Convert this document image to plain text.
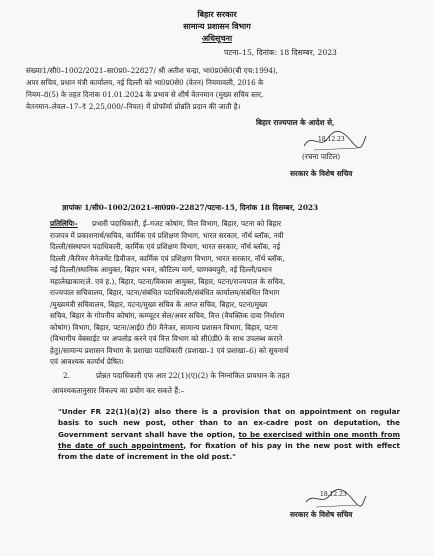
बिहार सरकार
सामान्य प्रशासन विभाग
अधिसूचना
पटना–15, दिनांक: 18 दिसम्बर, 2023
संख्याः1/सी0–1002/2021–सा0प्र0–22827/ श्री अतीश चन्द्रा, भा0प्र0से0(बी एच:1994),
अपर सचिव, प्रधान मंत्री कार्यालय, नई दिल्ली को भा0प्र0से0 (वेतन) नियमावली, 2016 के
नियम–8(5) के तहत दिनांक 01.01.2024 के प्रभाव से शीर्ष वेतनमान (मुख्य सचिव स्तर,
वेतनमान–लेवल–17–₹ 2,25,000/–नियत) में प्रोफॉर्मा प्रोन्नति प्रदान की जाती है।
बिहार राज्यपाल के आदेश से,
18.12.23
(रचना पाटिल)
सरकार के विशेष सचिव
ज्ञापांकः 1/सी0–1002/2021–सा0प्र0–22827/पटना–15, दिनांक 18 दिसम्बर, 2023
प्रतिलिपिः– प्रभारी पदाधिकारी, ई–गजट कोषांग, वित्त विभाग, बिहार, पटना को बिहार
राजपत्र में प्रकाशनार्थ/सचिव, कार्मिक एवं प्रशिक्षण विभाग, भारत सरकार, नॉर्थ ब्लॉक, नयी
दिल्ली/संस्थापन पदाधिकारी, कार्मिक एवं प्रशिक्षण विभाग, भारत सरकार, नॉर्थ ब्लॉक, नई
दिल्ली /कैरियर मैनेजमेंट डिवीजन, कार्मिक एवं प्रशिक्षण विभाग, भारत सरकार, नॉर्थ ब्लॉक,
नई दिल्ली/स्थानिक आयुक्त, बिहार भवन, कौटिल्य मार्ग, चाणक्यपुरी, नई दिल्ली/प्रधान
महालेखाकार(ले. एवं ह.), बिहार, पटना/विकास आयुक्त, बिहार, पटना/राज्यपाल के सचिव,
राज्यपाल सचिवालय, बिहार, पटना/संबंधित पदाधिकारी/संबंधित कार्यालय/संबंधित विभाग
/मुख्यमंत्री सचिवालय, बिहार, पटना/मुख्य सचिव के आप्त सचिव, बिहार, पटना/मुख्य
सचिव, बिहार के गोपनीय कोषांग, कम्प्यूटर सेल/अवर सचिव, वित्त (वैयक्तिक दावा निर्धारण
कोषांग) विभाग, बिहार, पटना/आई0 टी0 मैनेजर, सामान्य प्रशासन विभाग, बिहार, पटना
(विभागीय वेबसाईट पर अपलोड करने एवं वित्त विभाग को सी0डी0 के साथ उपलब्ध कराने
हेतु)/सामान्य प्रशासन विभाग के प्रशाखा पदाधिकारी (प्रशाखा–1 एवं प्रशाखा–6) को सूचनार्थ
एवं आवश्यक कार्यार्थ प्रेषित।
2.	प्रोन्नत पदाधिकारी एफ आर 22(1)(ए)(2) के निम्नांकित प्रावधान के तहत
आवश्यकतानुसार विकल्प का प्रयोग कर सकते हैं:–
"Under FR 22(1)(a)(2) also there is a provision that on appointment on regular basis to such new post, other than to an ex-cadre post on deputation, the Government servant shall have the option, to be exercised within one month from the date of such appointment, for fixation of his pay in the new post with effect from the date of increment in the old post."
18.12.23
सरकार के विशेष सचिव
